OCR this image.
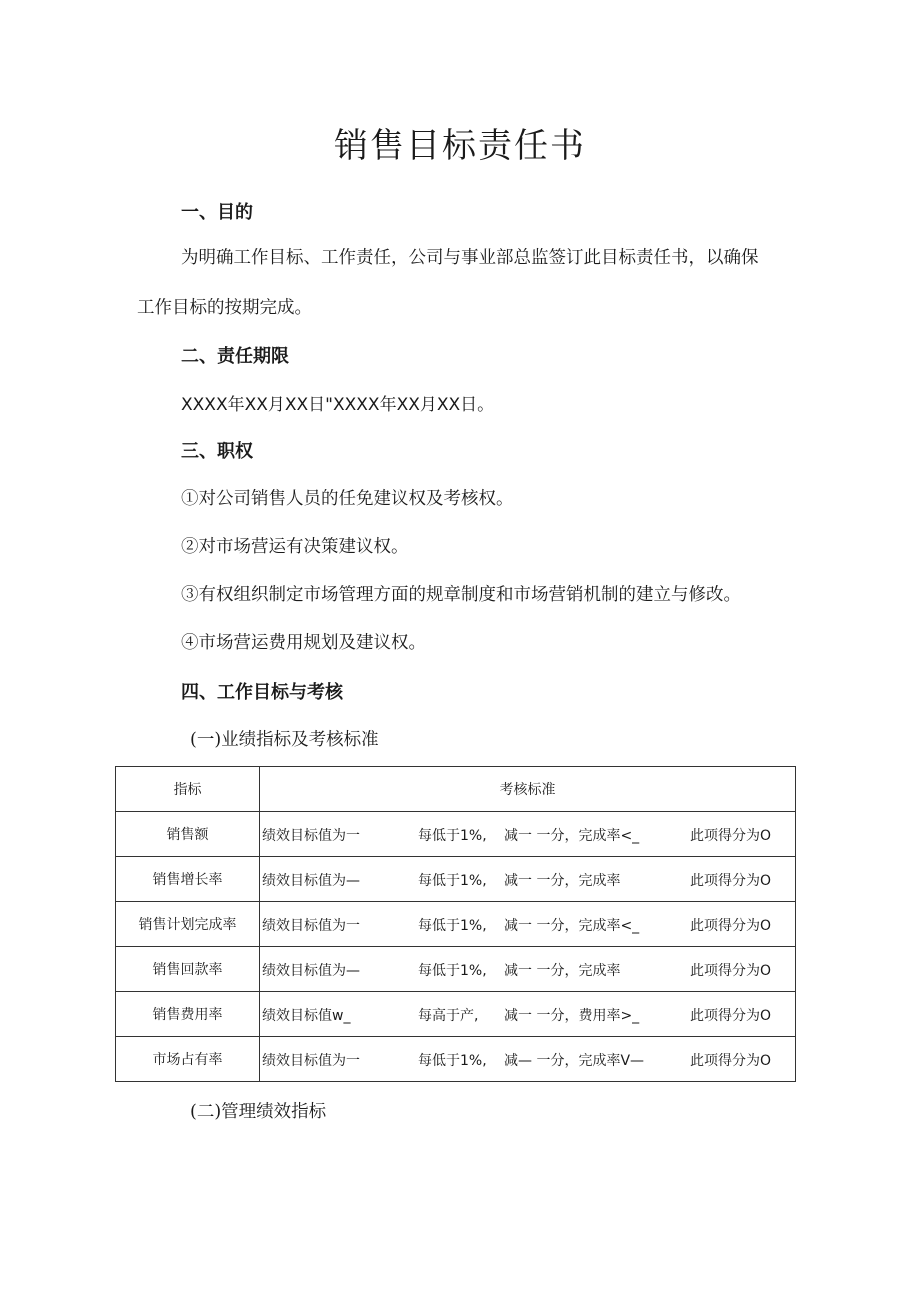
销售目标责任书
一、目的
为明确工作目标、工作责任，公司与事业部总监签订此目标责任书，以确保
工作目标的按期完成。
二、责任期限
XXXX年XX月XX日"XXXX年XX月XX日。
三、职权
①对公司销售人员的任免建议权及考核权。
②对市场营运有决策建议权。
③有权组织制定市场管理方面的规章制度和市场营销机制的建立与修改。
④市场营运费用规划及建议权。
四、工作目标与考核
(一)业绩指标及考核标准
指标	考核标准
销售额	绩效目标值为一 每低于1%, 减一 一分，完成率<_ 此项得分为O

销售增长率	绩效目标值为— 每低于1%, 减一 一分，完成率 此项得分为O

销售计划完成率	绩效目标值为一 每低于1%, 减一 一分，完成率<_ 此项得分为O

销售回款率	绩效目标值为— 每低于1%, 减一 一分，完成率 此项得分为O

销售费用率	绩效目标值w_ 每高于产, 减一 一分，费用率>_ 此项得分为O

市场占有率	绩效目标值为一 每低于1%, 减— 一分，完成率V— 此项得分为O
(二)管理绩效指标
